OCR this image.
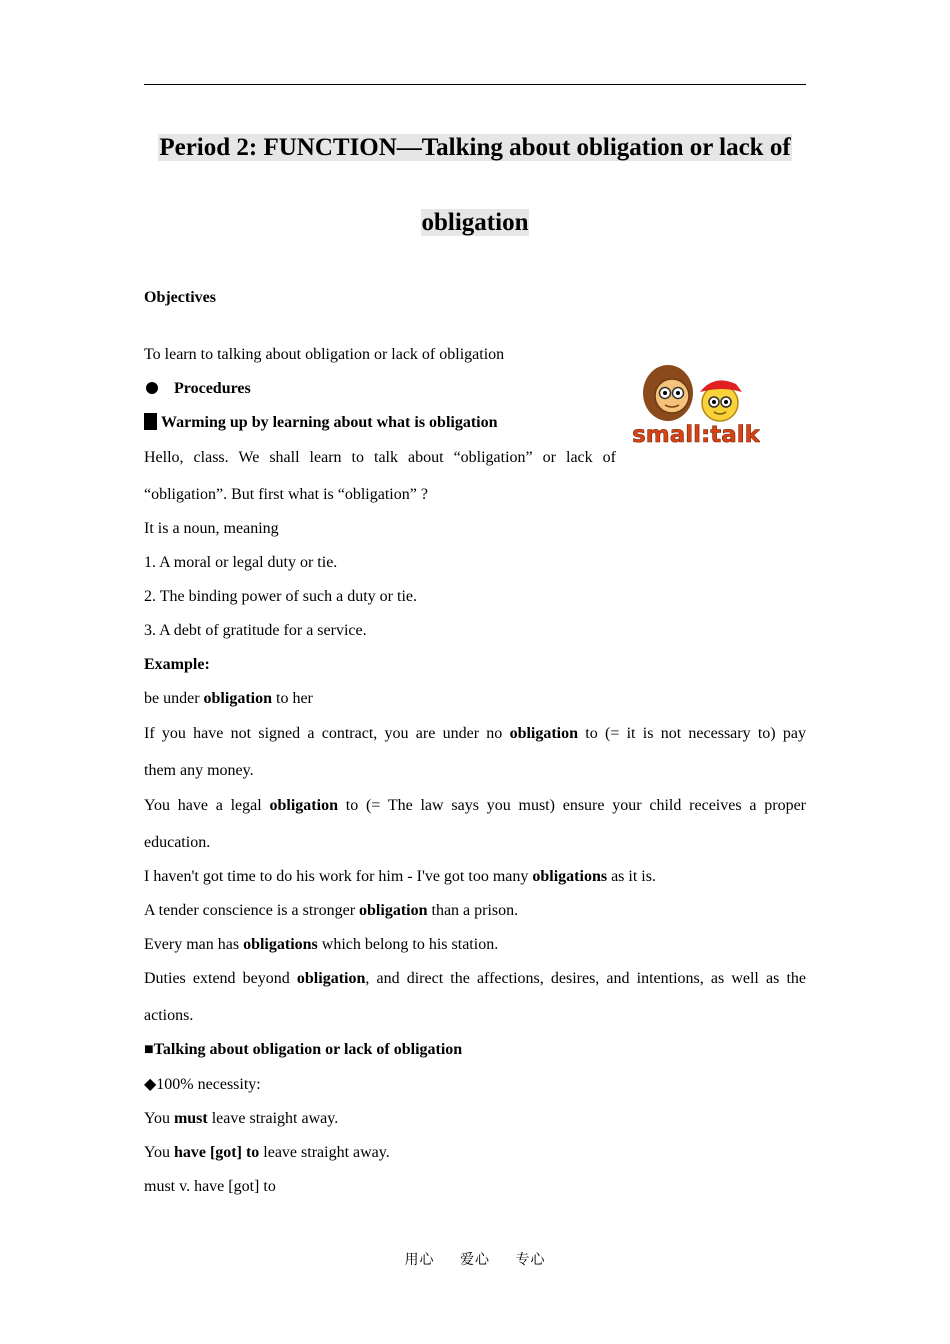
Period 2: FUNCTION—Talking about obligation or lack of
obligation
Objectives
To learn to talking about obligation or lack of obligation
Procedures
Warming up by learning about what is obligation
Hello, class. We shall learn to talk about “obligation” or lack of
“obligation”. But first what is “obligation” ?
It is a noun, meaning
1. A moral or legal duty or tie.
2. The binding power of such a duty or tie.
3. A debt of gratitude for a service.
Example:
be under obligation to her
If you have not signed a contract, you are under no obligation to (= it is not necessary to) pay
them any money.
You have a legal obligation to (= The law says you must) ensure your child receives a proper
education.
I haven't got time to do his work for him - I've got too many obligations as it is.
A tender conscience is a stronger obligation than a prison.
Every man has obligations which belong to his station.
Duties extend beyond obligation, and direct the affections, desires, and intentions, as well as the
actions.
■Talking about obligation or lack of obligation
◆100% necessity:
You must leave straight away.
You have [got] to leave straight away.
must v. have [got] to
small:talk
用心 爱心 专心
